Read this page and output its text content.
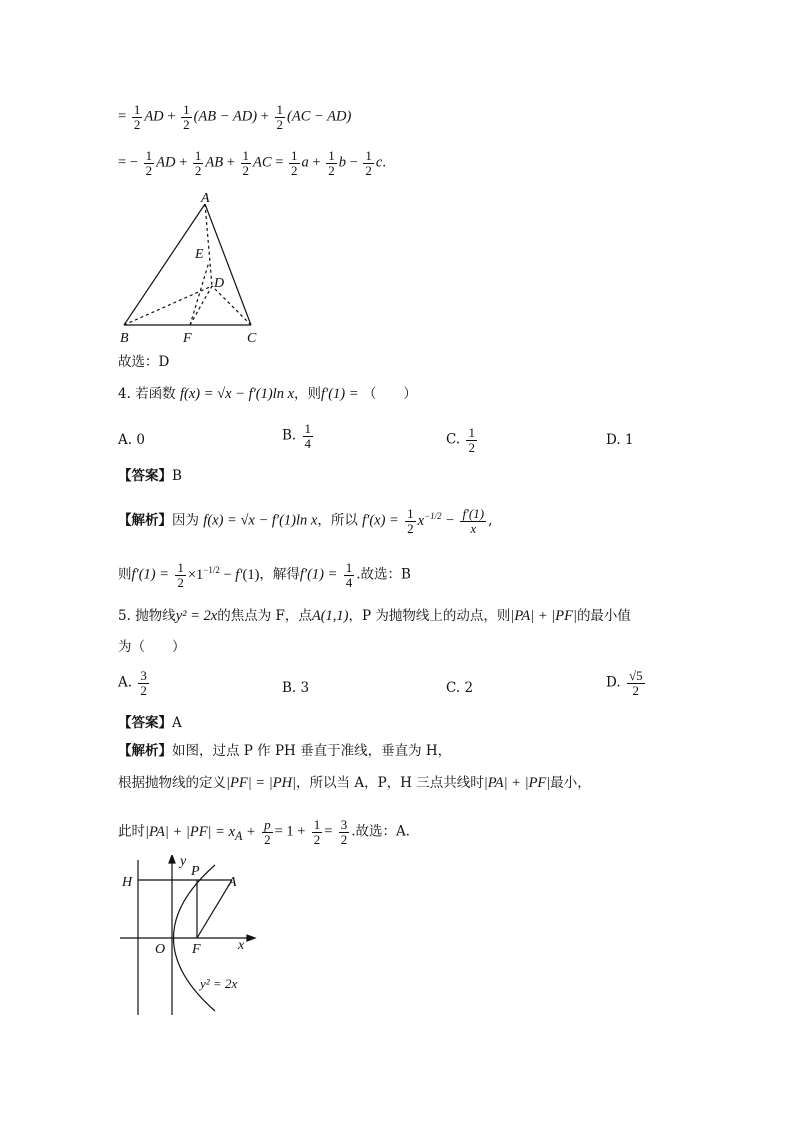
= $\frac{1}{2}$ AD + $\frac{1}{2} (AB - AD) + \frac{1}{2} (AC - AD)$
= − $\frac{1}{2}$ AD + $\frac{1}{2}$ AB + $\frac{1}{2}$ AC = $\frac{1}{2}$ $a + \frac{1}{2}$ $b - \frac{1}{2} c$.
A
E
D
B	F	C
故选：D
4. 若函数 f(x) = √x − f′(1)ln x，则f′(1) = （　　）
A. 0	B. $\frac{1}{4}$	C. $\frac{1}{2}$	D. 1
【答案】B
【解析】因为 f(x) = √x − f′(1)ln x，所以 $f'(x) = \frac{1}{2} x^{-1/2} - \frac{f'(1)}{x}$ ,
则$f'(1) = \frac{1}{2} \times 1^{-1/2} - f'(1)$，解得$f'(1) = \frac{1}{4}$ .故选：B
5. 抛物线y² = 2x的焦点为 F，点A(1,1)，P 为抛物线上的动点，则|PA| + |PF|的最小值
为（　　）
A. $\frac{3}{2}$	B. 3	C. 2	D. $\frac{√5}{2}$
【答案】A
【解析】如图，过点 P 作 PH 垂直于准线，垂直为 H，
根据抛物线的定义|PF| = |PH|，所以当 A，P，H 三点共线时|PA| + |PF|最小，
此时$|PA| + |PF| = x_A + \frac{p}{2} = 1 + \frac{1}{2} = \frac{3}{2}$ .故选：A．
y
H
P
A
O F	x
y² = 2x
